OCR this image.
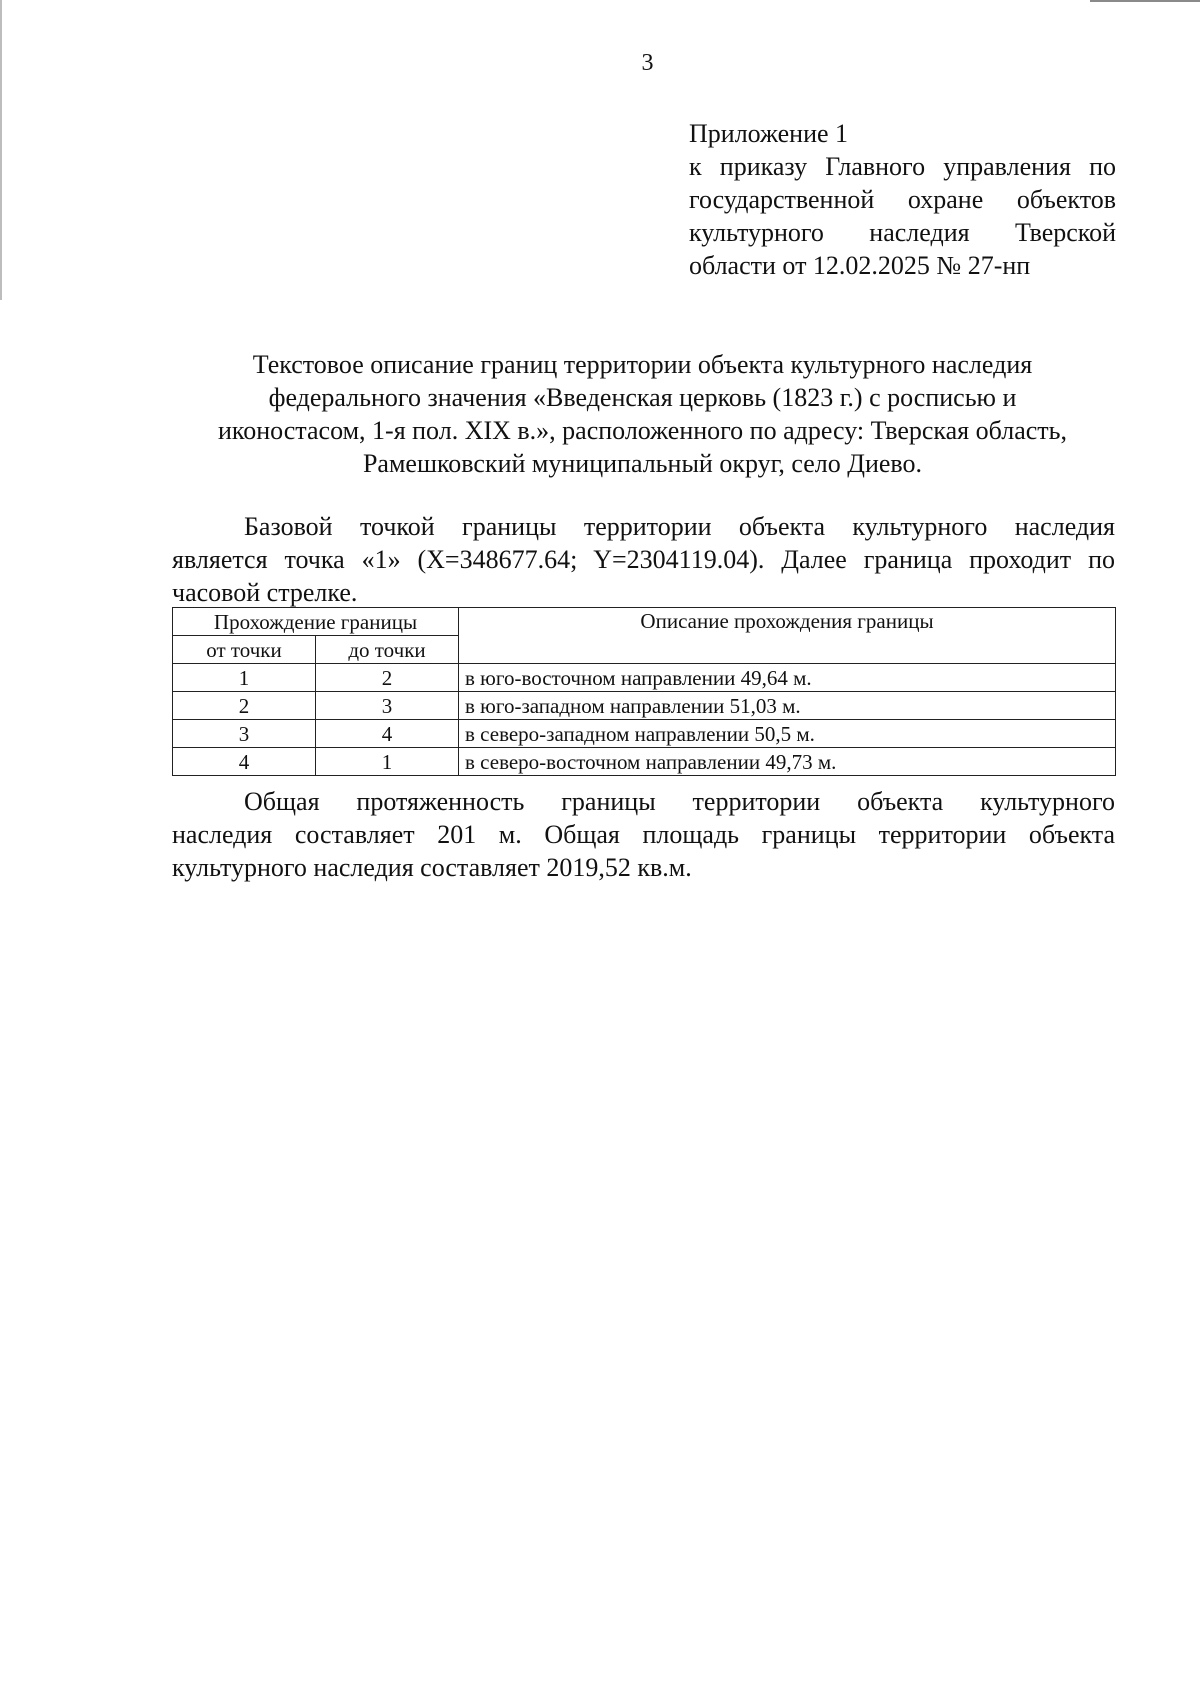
3
Приложение 1
к приказу Главного управления по
государственной охране объектов
культурного наследия Тверской
области от 12.02.2025 № 27-нп
Текстовое описание границ территории объекта культурного наследия
федерального значения «Введенская церковь (1823 г.) с росписью и
иконостасом, 1-я пол. XIX в.», расположенного по адресу: Тверская область,
Рамешковский муниципальный округ, село Диево.
Базовой точкой границы территории объекта культурного наследия
является точка «1» (X=348677.64; Y=2304119.04). Далее граница проходит по
часовой стрелке.
Прохождение границы		Описание прохождения границы
от точки	до точки	
1	2	в юго-восточном направлении 49,64 м.
2	3	в юго-западном направлении 51,03 м.
3	4	в северо-западном направлении 50,5 м.
4	1	в северо-восточном направлении 49,73 м.
Общая протяженность границы территории объекта культурного
наследия составляет 201 м. Общая площадь границы территории объекта
культурного наследия составляет 2019,52 кв.м.
